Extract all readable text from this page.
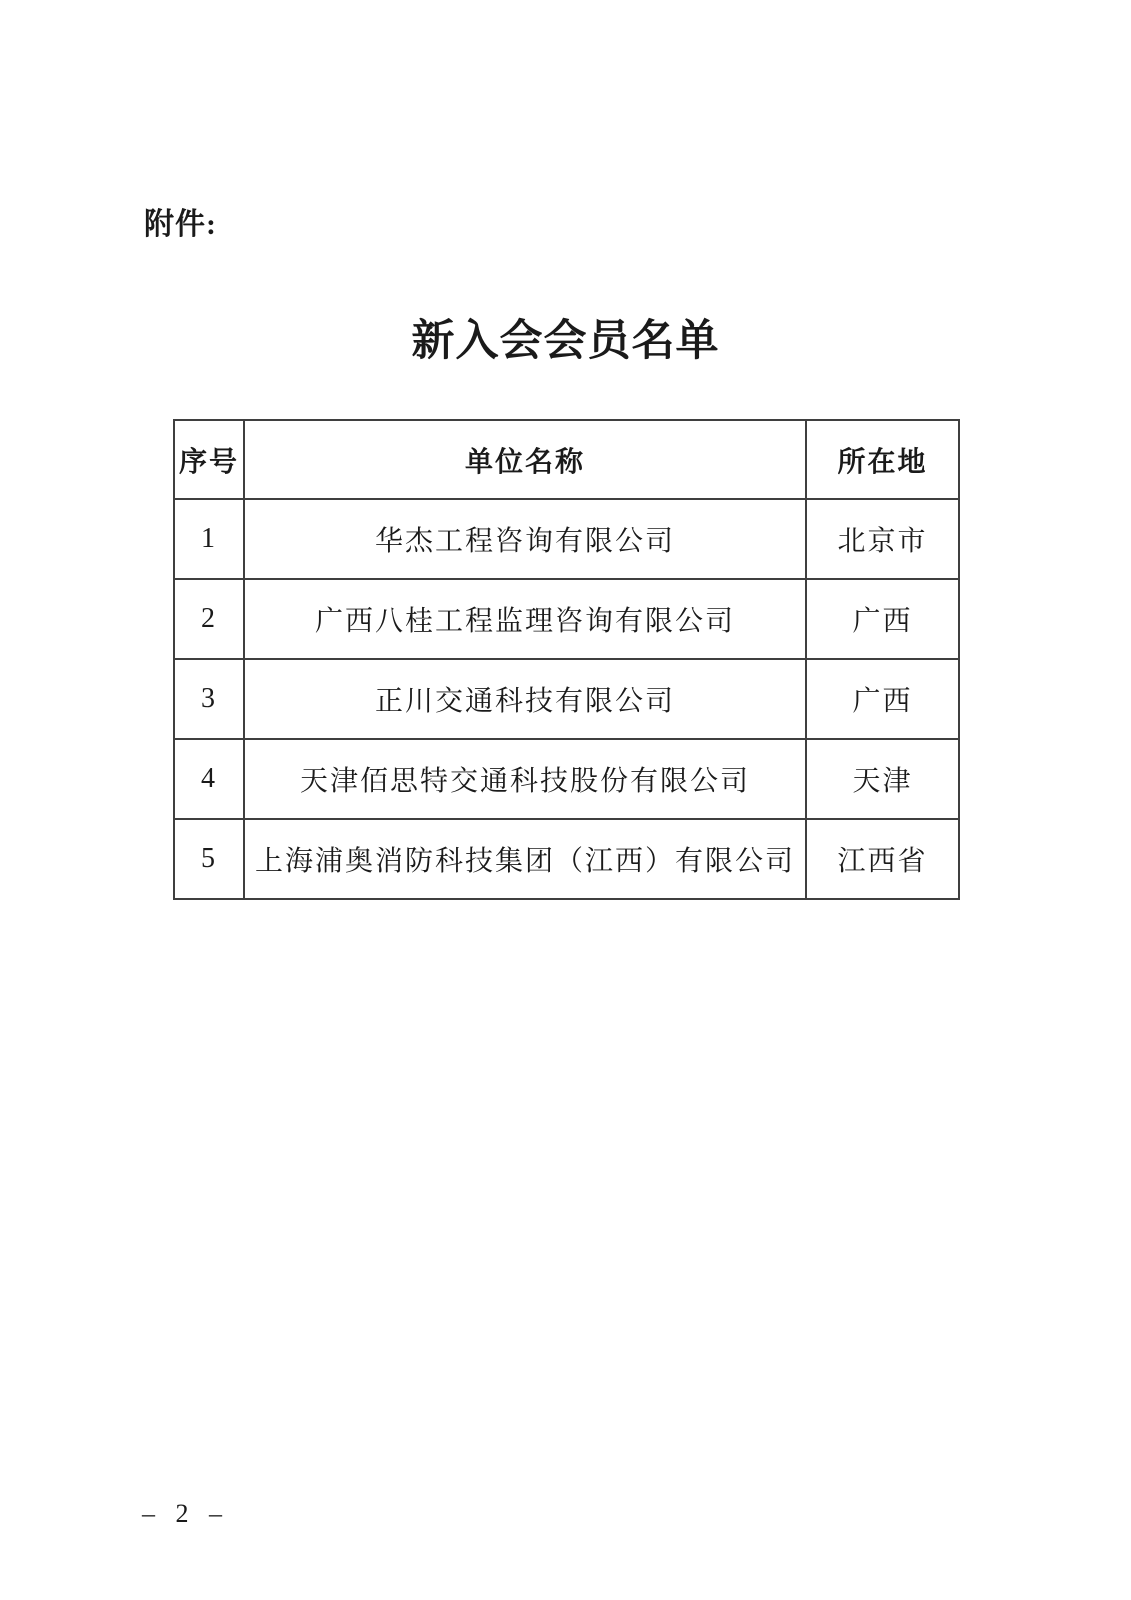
附件:
新入会会员名单
序号	单位名称	所在地
1	华杰工程咨询有限公司	北京市
2	广西八桂工程监理咨询有限公司	广西
3	正川交通科技有限公司	广西
4	天津佰思特交通科技股份有限公司	天津
5	上海浦奥消防科技集团（江西）有限公司	江西省
– 2 –
